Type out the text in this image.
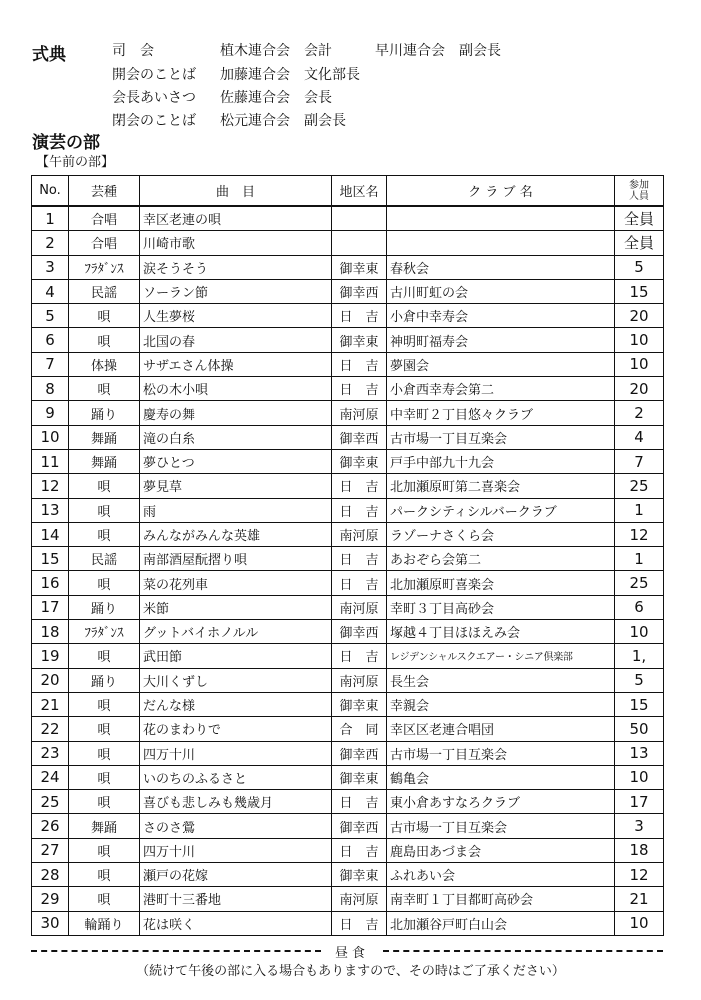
式典	司　会	植木連合会　会計	早川連合会　副会長
開会のことば 加藤連合会　文化部長
会長あいさつ 佐藤連合会　会長
閉会のことば 松元連合会　副会長
演芸の部
【午前の部】
No.	芸種	曲　目	地区名	ク ラ ブ 名	参加
人員

1	合唱	幸区老連の唄			全員
2	合唱	川崎市歌			全員
3	ﾌﾗﾀﾞﾝｽ	涙そうそう	御幸東	春秋会	5
4	民謡	ソーラン節	御幸西	古川町虹の会	15
5	唄	人生夢桜	日　吉	小倉中幸寿会	20
6	唄	北国の春	御幸東	神明町福寿会	10
7	体操	サザエさん体操	日　吉	夢園会	10
8	唄	松の木小唄	日　吉	小倉西幸寿会第二	20
9	踊り	慶寿の舞	南河原	中幸町２丁目悠々クラブ	2
10	舞踊	滝の白糸	御幸西	古市場一丁目互楽会	4
11	舞踊	夢ひとつ	御幸東	戸手中部九十九会	7
12	唄	夢見草	日　吉	北加瀬原町第二喜楽会	25
13	唄	雨	日　吉	パークシティシルバークラブ	1
14	唄	みんながみんな英雄	南河原	ラゾーナさくら会	12
15	民謡	南部酒屋酛摺り唄	日　吉	あおぞら会第二	1
16	唄	菜の花列車	日　吉	北加瀬原町喜楽会	25
17	踊り	米節	南河原	幸町３丁目高砂会	6
18	ﾌﾗﾀﾞﾝｽ	グットバイホノルル	御幸西	塚越４丁目ほほえみ会	10
19	唄	武田節	日　吉	レジデンシャルスクエアー・シニア倶楽部	1,
20	踊り	大川くずし	南河原	長生会	5
21	唄	だんな様	御幸東	幸親会	15
22	唄	花のまわりで	合　同	幸区区老連合唱団	50
23	唄	四万十川	御幸西	古市場一丁目互楽会	13
24	唄	いのちのふるさと	御幸東	鶴亀会	10
25	唄	喜びも悲しみも幾歳月	日　吉	東小倉あすなろクラブ	17
26	舞踊	さのさ鶯	御幸西	古市場一丁目互楽会	3
27	唄	四万十川	日　吉	鹿島田あづま会	18
28	唄	瀬戸の花嫁	御幸東	ふれあい会	12
29	唄	港町十三番地	南河原	南幸町１丁目都町高砂会	21
30	輪踊り	花は咲く	日　吉	北加瀬谷戸町白山会	10
昼食
（続けて午後の部に入る場合もありますので、その時はご了承ください）
